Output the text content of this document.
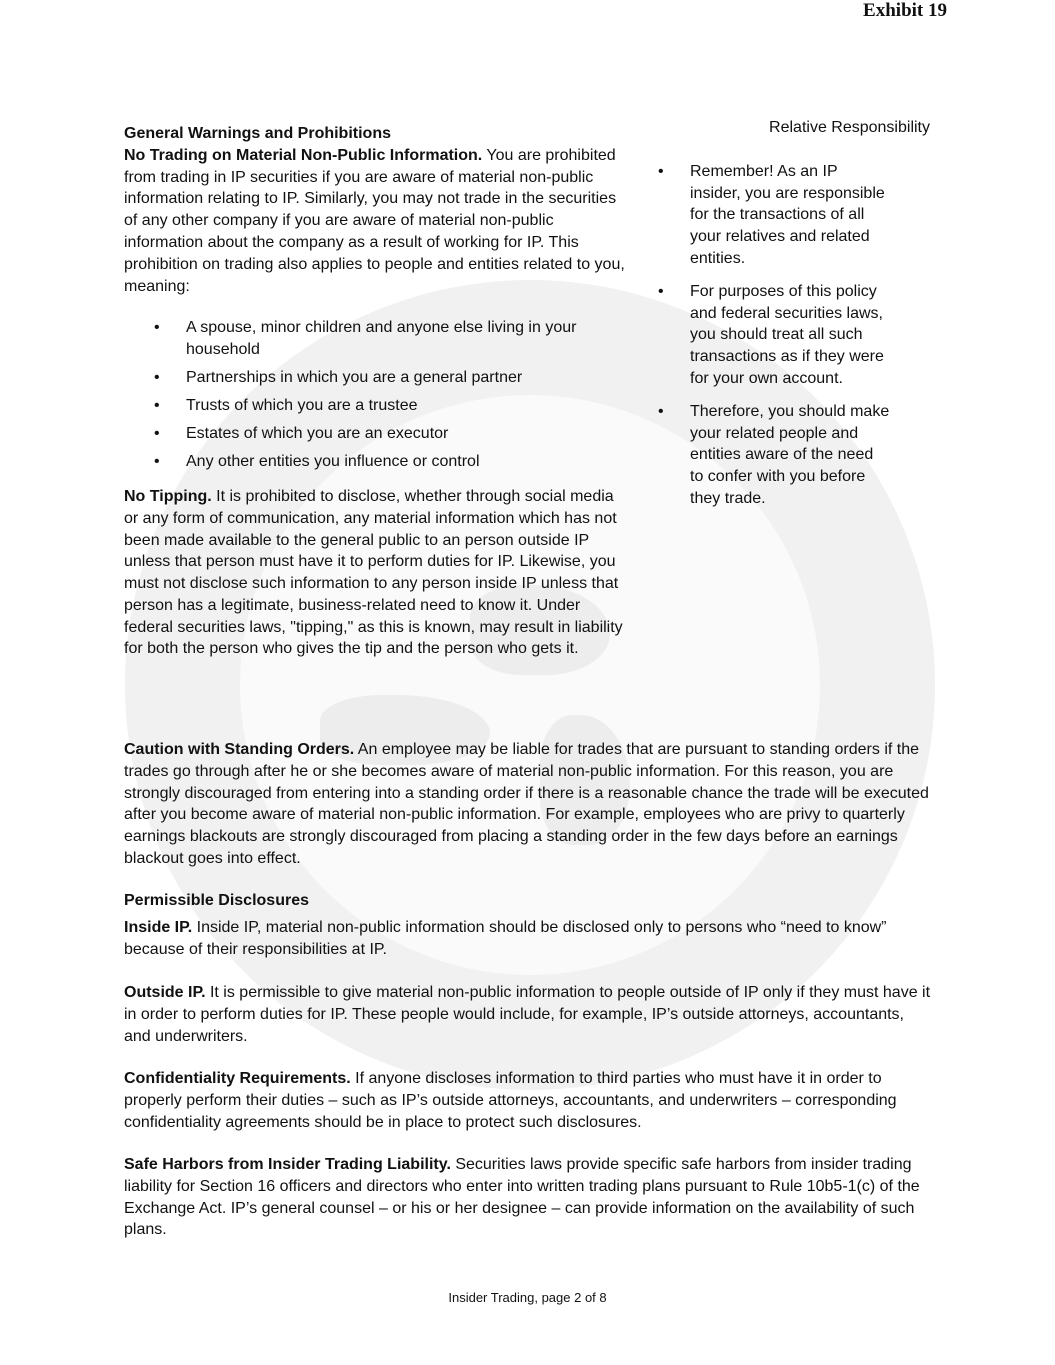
Exhibit 19

General Warnings and Prohibitions

No Trading on Material Non-Public Information. You are prohibited from trading in IP securities if you are aware of material non-public information relating to IP. Similarly, you may not trade in the securities of any other company if you are aware of material non-public information about the company as a result of working for IP. This prohibition on trading also applies to people and entities related to you, meaning:

• A spouse, minor children and anyone else living in your household
• Partnerships in which you are a general partner
• Trusts of which you are a trustee
• Estates of which you are an executor
• Any other entities you influence or control

No Tipping. It is prohibited to disclose, whether through social media or any form of communication, any material information which has not been made available to the general public to an person outside IP unless that person must have it to perform duties for IP. Likewise, you must not disclose such information to any person inside IP unless that person has a legitimate, business-related need to know it. Under federal securities laws, "tipping," as this is known, may result in liability for both the person who gives the tip and the person who gets it.

Relative Responsibility

• Remember! As an IP insider, you are responsible for the transactions of all your relatives and related entities.
• For purposes of this policy and federal securities laws, you should treat all such transactions as if they were for your own account.
• Therefore, you should make your related people and entities aware of the need to confer with you before they trade.

Caution with Standing Orders. An employee may be liable for trades that are pursuant to standing orders if the trades go through after he or she becomes aware of material non-public information. For this reason, you are strongly discouraged from entering into a standing order if there is a reasonable chance the trade will be executed after you become aware of material non-public information. For example, employees who are privy to quarterly earnings blackouts are strongly discouraged from placing a standing order in the few days before an earnings blackout goes into effect.

Permissible Disclosures

Inside IP. Inside IP, material non-public information should be disclosed only to persons who “need to know” because of their responsibilities at IP.

Outside IP. It is permissible to give material non-public information to people outside of IP only if they must have it in order to perform duties for IP. These people would include, for example, IP’s outside attorneys, accountants, and underwriters.

Confidentiality Requirements. If anyone discloses information to third parties who must have it in order to properly perform their duties – such as IP’s outside attorneys, accountants, and underwriters – corresponding confidentiality agreements should be in place to protect such disclosures.

Safe Harbors from Insider Trading Liability. Securities laws provide specific safe harbors from insider trading liability for Section 16 officers and directors who enter into written trading plans pursuant to Rule 10b5-1(c) of the Exchange Act. IP’s general counsel – or his or her designee – can provide information on the availability of such plans.

Insider Trading, page 2 of 8
